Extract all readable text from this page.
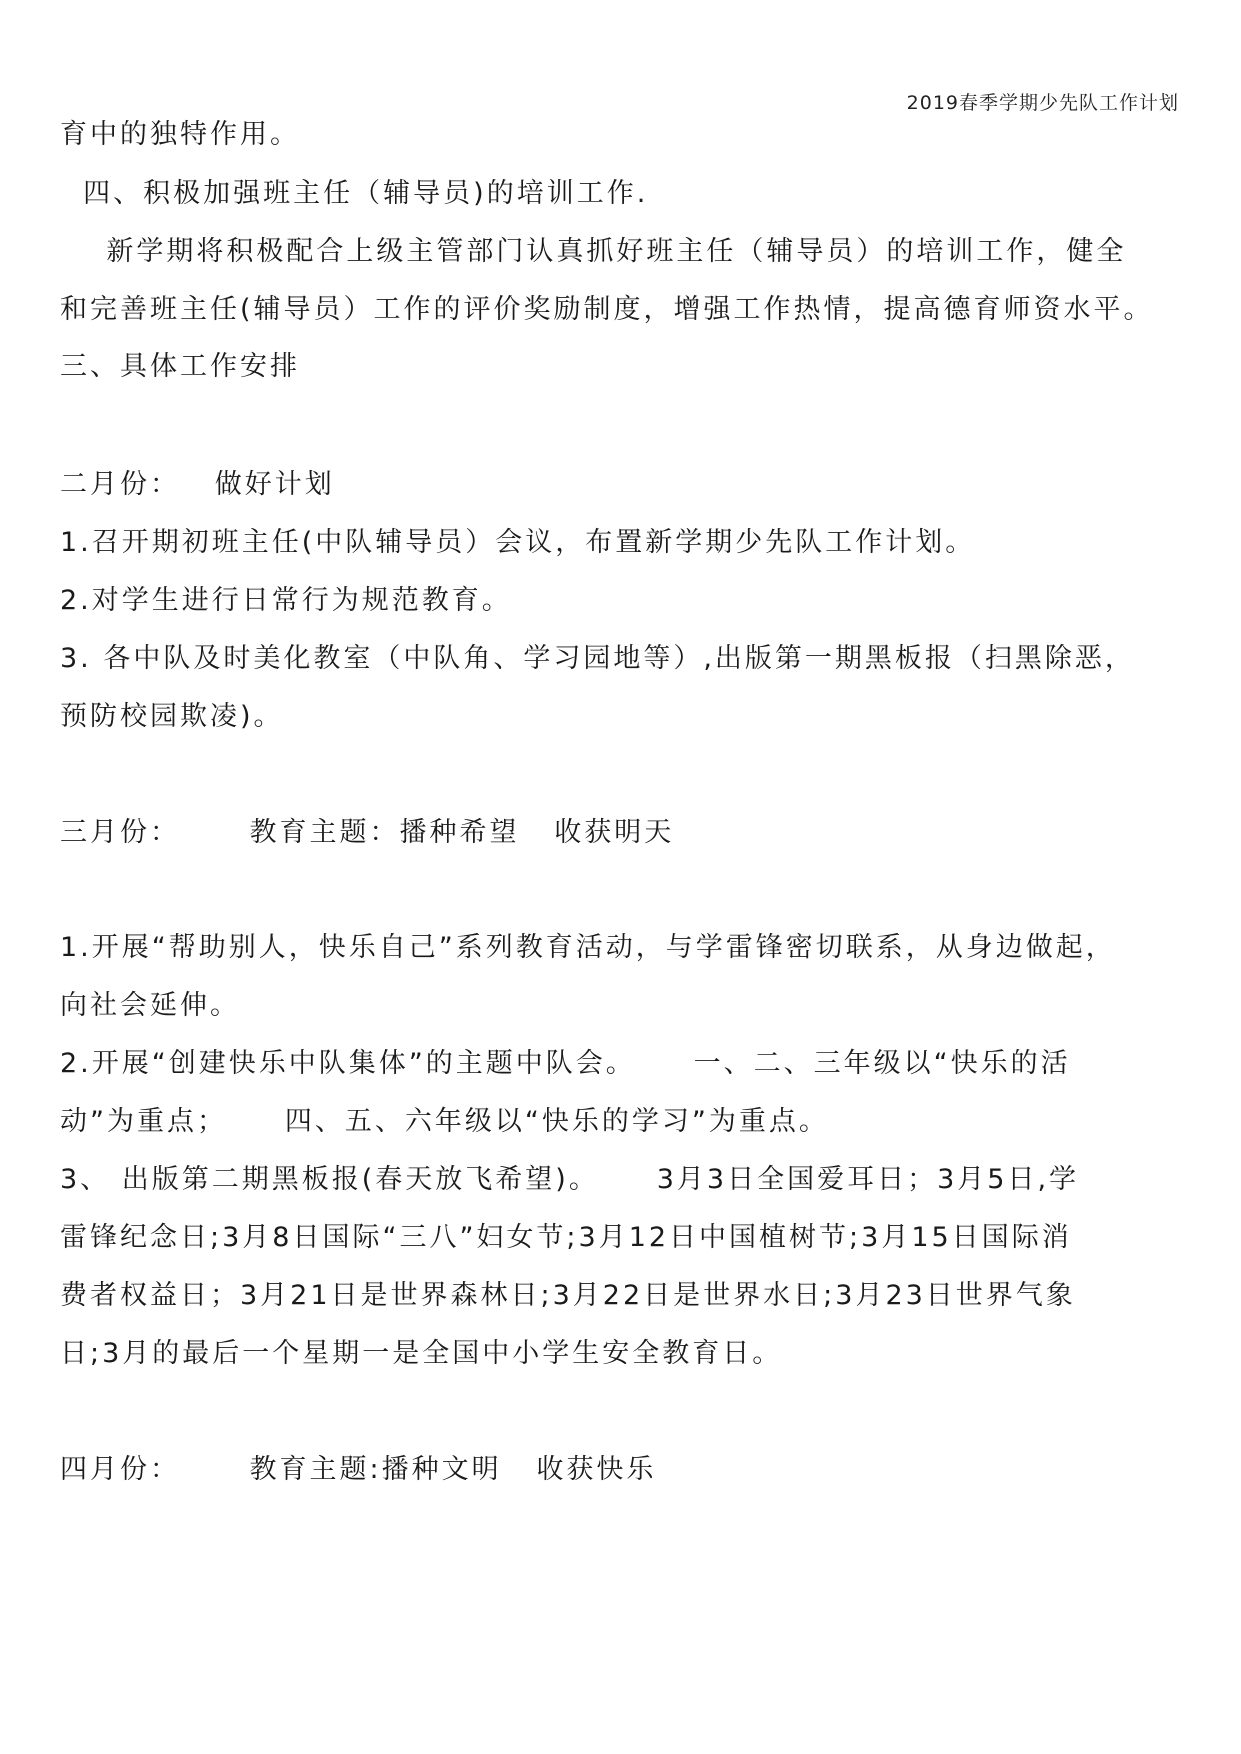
2019春季学期少先队工作计划
育中的独特作用。
四、积极加强班主任（辅导员)的培训工作.
新学期将积极配合上级主管部门认真抓好班主任（辅导员）的培训工作，健全
和完善班主任(辅导员）工作的评价奖励制度，增强工作热情，提高德育师资水平。
三、具体工作安排
二月份：   做好计划
1.召开期初班主任(中队辅导员）会议，布置新学期少先队工作计划。
2.对学生进行日常行为规范教育。
3. 各中队及时美化教室（中队角、学习园地等）,出版第一期黑板报（扫黑除恶，
预防校园欺凌)。
三月份：      教育主题：播种希望   收获明天
1.开展“帮助别人，快乐自己”系列教育活动，与学雷锋密切联系，从身边做起，
向社会延伸。
2.开展“创建快乐中队集体”的主题中队会。     一、二、三年级以“快乐的活
动”为重点；     四、五、六年级以“快乐的学习”为重点。
3、 出版第二期黑板报(春天放飞希望)。     3月3日全国爱耳日；3月5日,学
雷锋纪念日;3月8日国际“三八”妇女节;3月12日中国植树节;3月15日国际消
费者权益日；3月21日是世界森林日;3月22日是世界水日;3月23日世界气象
日;3月的最后一个星期一是全国中小学生安全教育日。
四月份：      教育主题:播种文明   收获快乐
